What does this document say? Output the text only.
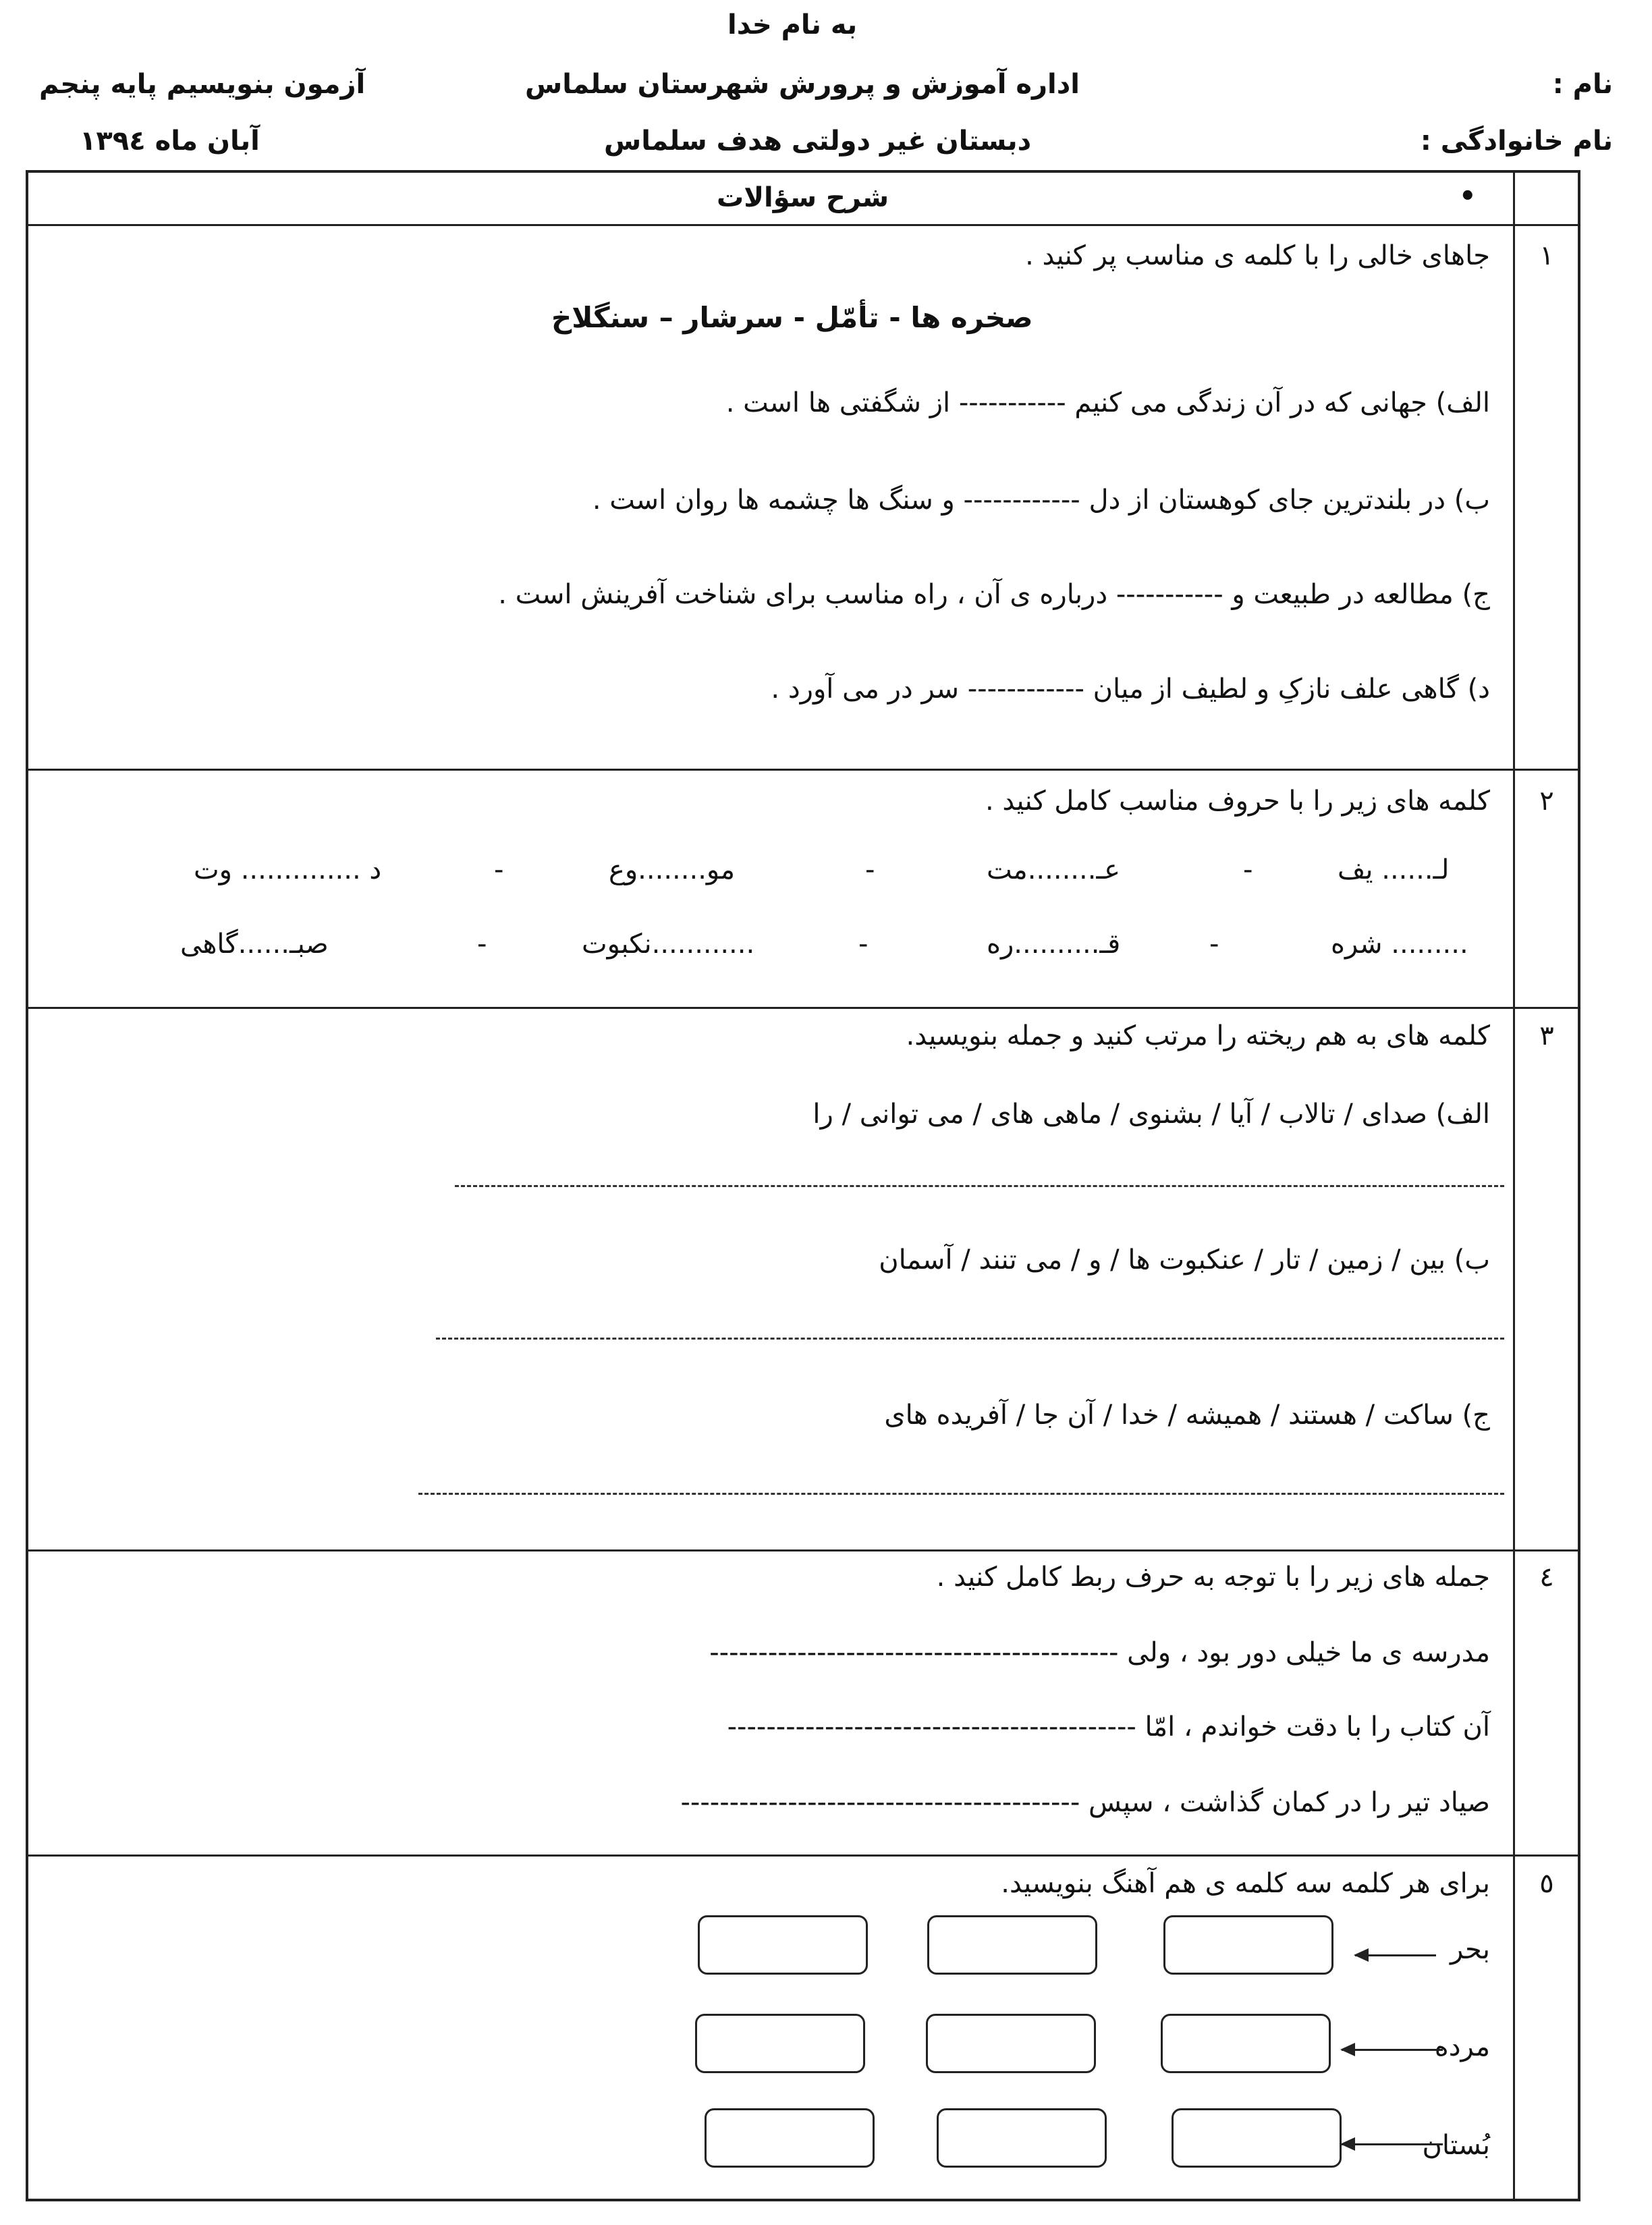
به نام خدا
اداره آموزش و پرورش شهرستان سلماس
دبستان غیر دولتی هدف سلماس
آزمون بنویسیم پایه پنجم
آبان ماه ۱۳۹٤
نام :
نام خانوادگی :
•
شرح سؤالات
١
جاهای خالی را با کلمه ی مناسب پر کنید .
صخره ها - تأمّل - سرشار – سنگلاخ
الف) جهانی که در آن زندگی می کنیم ----------- از شگفتی ها است .
ب) در بلندترین جای کوهستان از دل ------------ و سنگ ها چشمه ها روان است .
ج) مطالعه در طبیعت و ----------- درباره ی آن ، راه مناسب برای شناخت آفرینش است .
د) گاهی علف نازکِ و لطیف از میان ------------ سر در می آورد .
٢
کلمه های زیر را با حروف مناسب کامل کنید .
لـ...... یف
-
عـ........مت
-
مو........وع
-
د .............. وت
......... شره
-
قـ..........ره
-
............نکبوت
-
صبـ......گاهی
٣
کلمه های به هم ریخته را مرتب کنید و جمله بنویسید.
الف) صدای / تالاب / آیا / بشنوی / ماهی های / می توانی / را
ب) بین / زمین / تار / عنکبوت ها / و / می تنند / آسمان
ج) ساکت / هستند / همیشه / خدا / آن جا / آفریده های
٤
جمله های زیر را با توجه به حرف ربط کامل کنید .
مدرسه ی ما خیلی دور بود ، ولی ------------------------------------------
آن کتاب را با دقت خواندم ، امّا ------------------------------------------
صیاد تیر را در کمان گذاشت ، سپس -----------------------------------------
٥
برای هر کلمه سه کلمه ی هم آهنگ بنویسید.
بحر
مرده
بُستان
